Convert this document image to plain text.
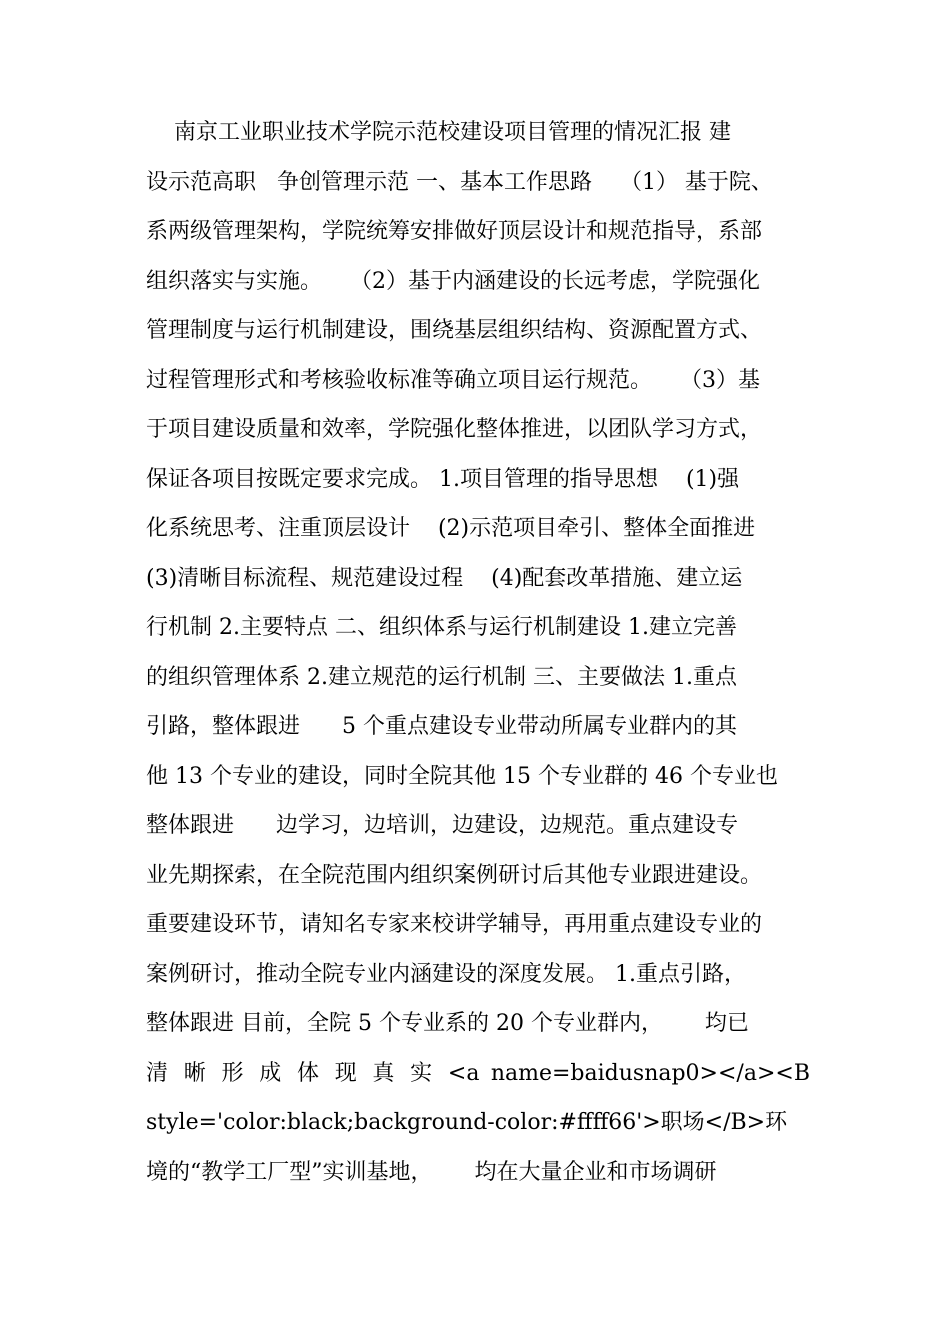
南京工业职业技术学院示范校建设项目管理的情况汇报 建
设示范高职   争创管理示范 一、基本工作思路    （1） 基于院、
系两级管理架构，学院统筹安排做好顶层设计和规范指导，系部
组织落实与实施。    （2）基于内涵建设的长远考虑，学院强化
管理制度与运行机制建设，围绕基层组织结构、资源配置方式、
过程管理形式和考核验收标准等确立项目运行规范。    （3）基
于项目建设质量和效率，学院强化整体推进，以团队学习方式，
保证各项目按既定要求完成。 1.项目管理的指导思想    (1)强
化系统思考、注重顶层设计    (2)示范项目牵引、整体全面推进
(3)清晰目标流程、规范建设过程    (4)配套改革措施、建立运
行机制 2.主要特点 二、组织体系与运行机制建设 1.建立完善
的组织管理体系 2.建立规范的运行机制 三、主要做法 1.重点
引路，整体跟进      5 个重点建设专业带动所属专业群内的其
他 13 个专业的建设，同时全院其他 15 个专业群的 46 个专业也
整体跟进      边学习，边培训，边建设，边规范。重点建设专
业先期探索，在全院范围内组织案例研讨后其他专业跟进建设。
重要建设环节，请知名专家来校讲学辅导，再用重点建设专业的
案例研讨，推动全院专业内涵建设的深度发展。 1.重点引路，
整体跟进 目前，全院 5 个专业系的 20 个专业群内，      均已
清 晰 形 成 体 现 真 实 <a name=baidusnap0></a><B
style='color:black;background-color:#ffff66'>职场</B>环
境的“教学工厂型”实训基地，      均在大量企业和市场调研
